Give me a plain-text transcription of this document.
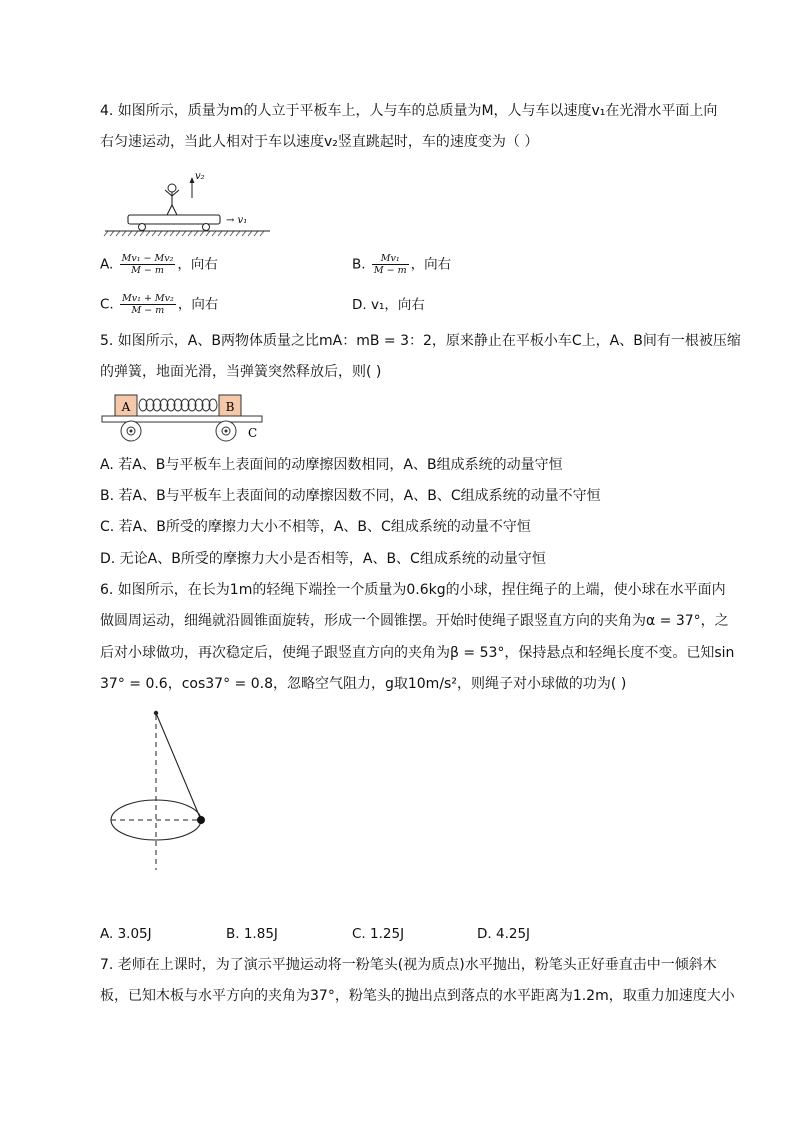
4. 如图所示，质量为m的人立于平板车上，人与车的总质量为M，人与车以速度v₁在光滑水平面上向
右匀速运动，当此人相对于车以速度v₂竖直跳起时，车的速度变为（ ）
v₂
→ v₁
A. $\frac{\text{Mv₁ − Mv₂}}{M - m}$ ，向右	B. $\frac{\text{Mv₁}}{M - m}$ ，向右
C. $\frac{\text{Mv₁ + Mv₂}}{M - m}$ ，向右	D. v₁，向右
5. 如图所示，A、B两物体质量之比mA：mB = 3：2，原来静止在平板小车C上，A、B间有一根被压缩
的弹簧，地面光滑，当弹簧突然释放后，则( )
A	B
C
A. 若A、B与平板车上表面间的动摩擦因数相同，A、B组成系统的动量守恒
B. 若A、B与平板车上表面间的动摩擦因数不同，A、B、C组成系统的动量不守恒
C. 若A、B所受的摩擦力大小不相等，A、B、C组成系统的动量不守恒
D. 无论A、B所受的摩擦力大小是否相等，A、B、C组成系统的动量守恒
6. 如图所示，在长为1m的轻绳下端拴一个质量为0.6kg的小球，捏住绳子的上端，使小球在水平面内
做圆周运动，细绳就沿圆锥面旋转，形成一个圆锥摆。开始时使绳子跟竖直方向的夹角为α = 37°，之
后对小球做功，再次稳定后，使绳子跟竖直方向的夹角为β = 53°，保持悬点和轻绳长度不变。已知sin
37° = 0.6，cos37° = 0.8，忽略空气阻力，g取10m/s²，则绳子对小球做的功为( )
A. 3.05J	B. 1.85J	C. 1.25J	D. 4.25J
7. 老师在上课时，为了演示平抛运动将一粉笔头(视为质点)水平抛出，粉笔头正好垂直击中一倾斜木
板，已知木板与水平方向的夹角为37°，粉笔头的抛出点到落点的水平距离为1.2m，取重力加速度大小
